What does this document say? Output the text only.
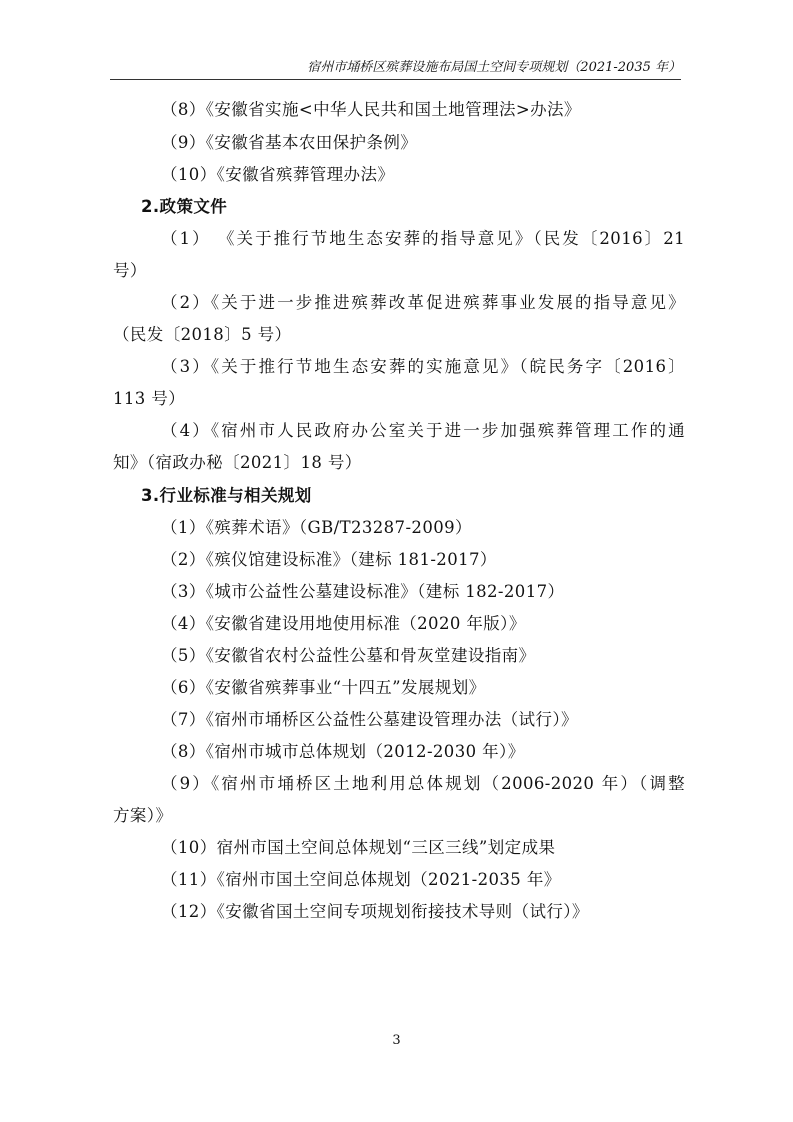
宿州市埇桥区殡葬设施布局国土空间专项规划（2021-2035 年）
（8）《安徽省实施<中华人民共和国土地管理法>办法》
（9）《安徽省基本农田保护条例》
（10）《安徽省殡葬管理办法》
2.政策文件
（1） 《关于推行节地生态安葬的指导意见》（民发〔2016〕21
号）
（2）《关于进一步推进殡葬改革促进殡葬事业发展的指导意见》
（民发〔2018〕5 号）
（3）《关于推行节地生态安葬的实施意见》（皖民务字〔2016〕
113 号）
（4）《宿州市人民政府办公室关于进一步加强殡葬管理工作的通
知》（宿政办秘〔2021〕18 号）
3.行业标准与相关规划
（1）《殡葬术语》（GB/T23287-2009）
（2）《殡仪馆建设标准》（建标 181-2017）
（3）《城市公益性公墓建设标准》（建标 182-2017）
（4）《安徽省建设用地使用标准（2020 年版）》
（5）《安徽省农村公益性公墓和骨灰堂建设指南》
（6）《安徽省殡葬事业“十四五”发展规划》
（7）《宿州市埇桥区公益性公墓建设管理办法（试行）》
（8）《宿州市城市总体规划（2012-2030 年）》
（9）《宿州市埇桥区土地利用总体规划（2006-2020 年）（调整
方案）》
（10）宿州市国土空间总体规划“三区三线”划定成果
（11）《宿州市国土空间总体规划（2021-2035 年》
（12）《安徽省国土空间专项规划衔接技术导则（试行）》
3
